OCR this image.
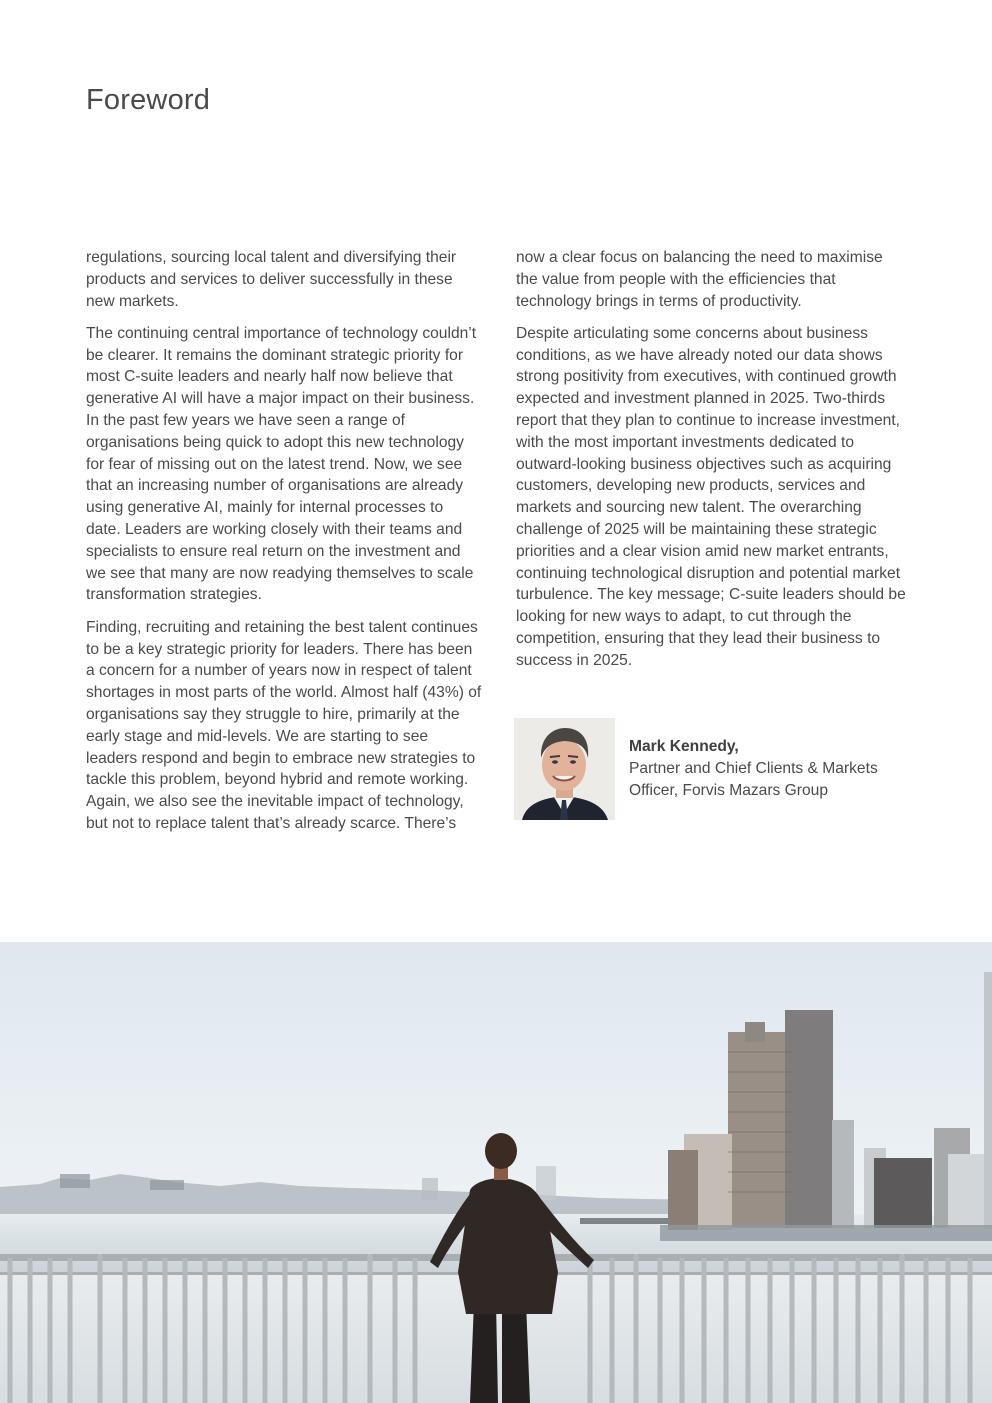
Foreword

regulations, sourcing local talent and diversifying their products and services to deliver successfully in these new markets.

The continuing central importance of technology couldn’t be clearer. It remains the dominant strategic priority for most C-suite leaders and nearly half now believe that generative AI will have a major impact on their business. In the past few years we have seen a range of organisations being quick to adopt this new technology for fear of missing out on the latest trend. Now, we see that an increasing number of organisations are already using generative AI, mainly for internal processes to date. Leaders are working closely with their teams and specialists to ensure real return on the investment and we see that many are now readying themselves to scale transformation strategies.

Finding, recruiting and retaining the best talent continues to be a key strategic priority for leaders. There has been a concern for a number of years now in respect of talent shortages in most parts of the world. Almost half (43%) of organisations say they struggle to hire, primarily at the early stage and mid-levels. We are starting to see leaders respond and begin to embrace new strategies to tackle this problem, beyond hybrid and remote working. Again, we also see the inevitable impact of technology, but not to replace talent that’s already scarce. There’s

now a clear focus on balancing the need to maximise the value from people with the efficiencies that technology brings in terms of productivity.

Despite articulating some concerns about business conditions, as we have already noted our data shows strong positivity from executives, with continued growth expected and investment planned in 2025. Two-thirds report that they plan to continue to increase investment, with the most important investments dedicated to outward-looking business objectives such as acquiring customers, developing new products, services and markets and sourcing new talent. The overarching challenge of 2025 will be maintaining these strategic priorities and a clear vision amid new market entrants, continuing technological disruption and potential market turbulence. The key message; C-suite leaders should be looking for new ways to adapt, to cut through the competition, ensuring that they lead their business to success in 2025.

Mark Kennedy,
Partner and Chief Clients & Markets
Officer, Forvis Mazars Group
